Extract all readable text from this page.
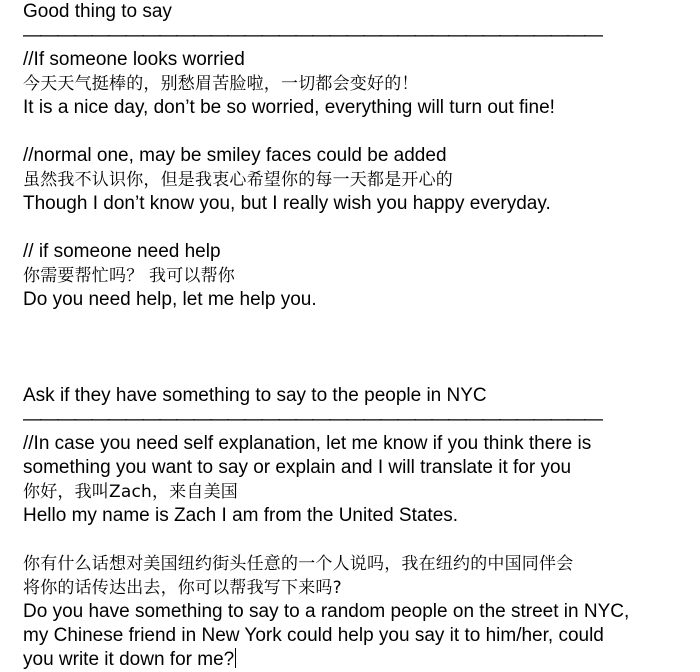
Good thing to say
——————————————————————————————————
//If someone looks worried
今天天气挺棒的，别愁眉苦脸啦，一切都会变好的！
It is a nice day, don’t be so worried, everything will turn out fine!
//normal one, may be smiley faces could be added
虽然我不认识你，但是我衷心希望你的每一天都是开心的
Though I don’t know you, but I really wish you happy everyday.
// if someone need help
你需要帮忙吗？ 我可以帮你
Do you need help, let me help you.
Ask if they have something to say to the people in NYC
——————————————————————————————————
//In case you need self explanation, let me know if you think there is
something you want to say or explain and I will translate it for you
你好，我叫Zach，来自美国
Hello my name is Zach I am from the United States.
你有什么话想对美国纽约街头任意的一个人说吗，我在纽约的中国同伴会
将你的话传达出去，你可以帮我写下来吗?
Do you have something to say to a random people on the street in NYC,
my Chinese friend in New York could help you say it to him/her, could
you write it down for me?
